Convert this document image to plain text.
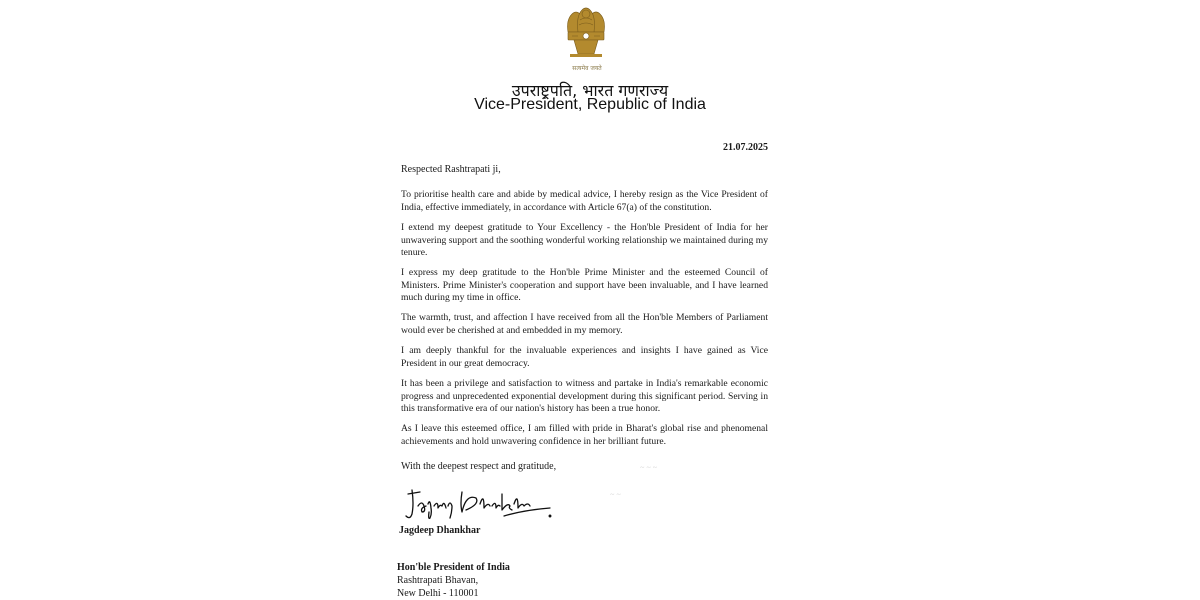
सत्यमेव जयते
उपराष्ट्रपति, भारत गणराज्य
Vice-President, Republic of India
21.07.2025
Respected Rashtrapati ji,
To prioritise health care and abide by medical advice, I hereby resign as the Vice President of India, effective immediately, in accordance with Article 67(a) of the constitution.
I extend my deepest gratitude to Your Excellency - the Hon'ble President of India for her unwavering support and the soothing wonderful working relationship we maintained during my tenure.
I express my deep gratitude to the Hon'ble Prime Minister and the esteemed Council of Ministers. Prime Minister's cooperation and support have been invaluable, and I have learned much during my time in office.
The warmth, trust, and affection I have received from all the Hon'ble Members of Parliament would ever be cherished at and embedded in my memory.
I am deeply thankful for the invaluable experiences and insights I have gained as Vice President in our great democracy.
It has been a privilege and satisfaction to witness and partake in India's remarkable economic progress and unprecedented exponential development during this significant period. Serving in this transformative era of our nation's history has been a true honor.
As I leave this esteemed office, I am filled with pride in Bharat's global rise and phenomenal achievements and hold unwavering confidence in her brilliant future.
~ ~ ~
~ ~
With the deepest respect and gratitude,
Jagdeep Dhankhar
Hon'ble President of India
Rashtrapati Bhavan,
New Delhi - 110001
